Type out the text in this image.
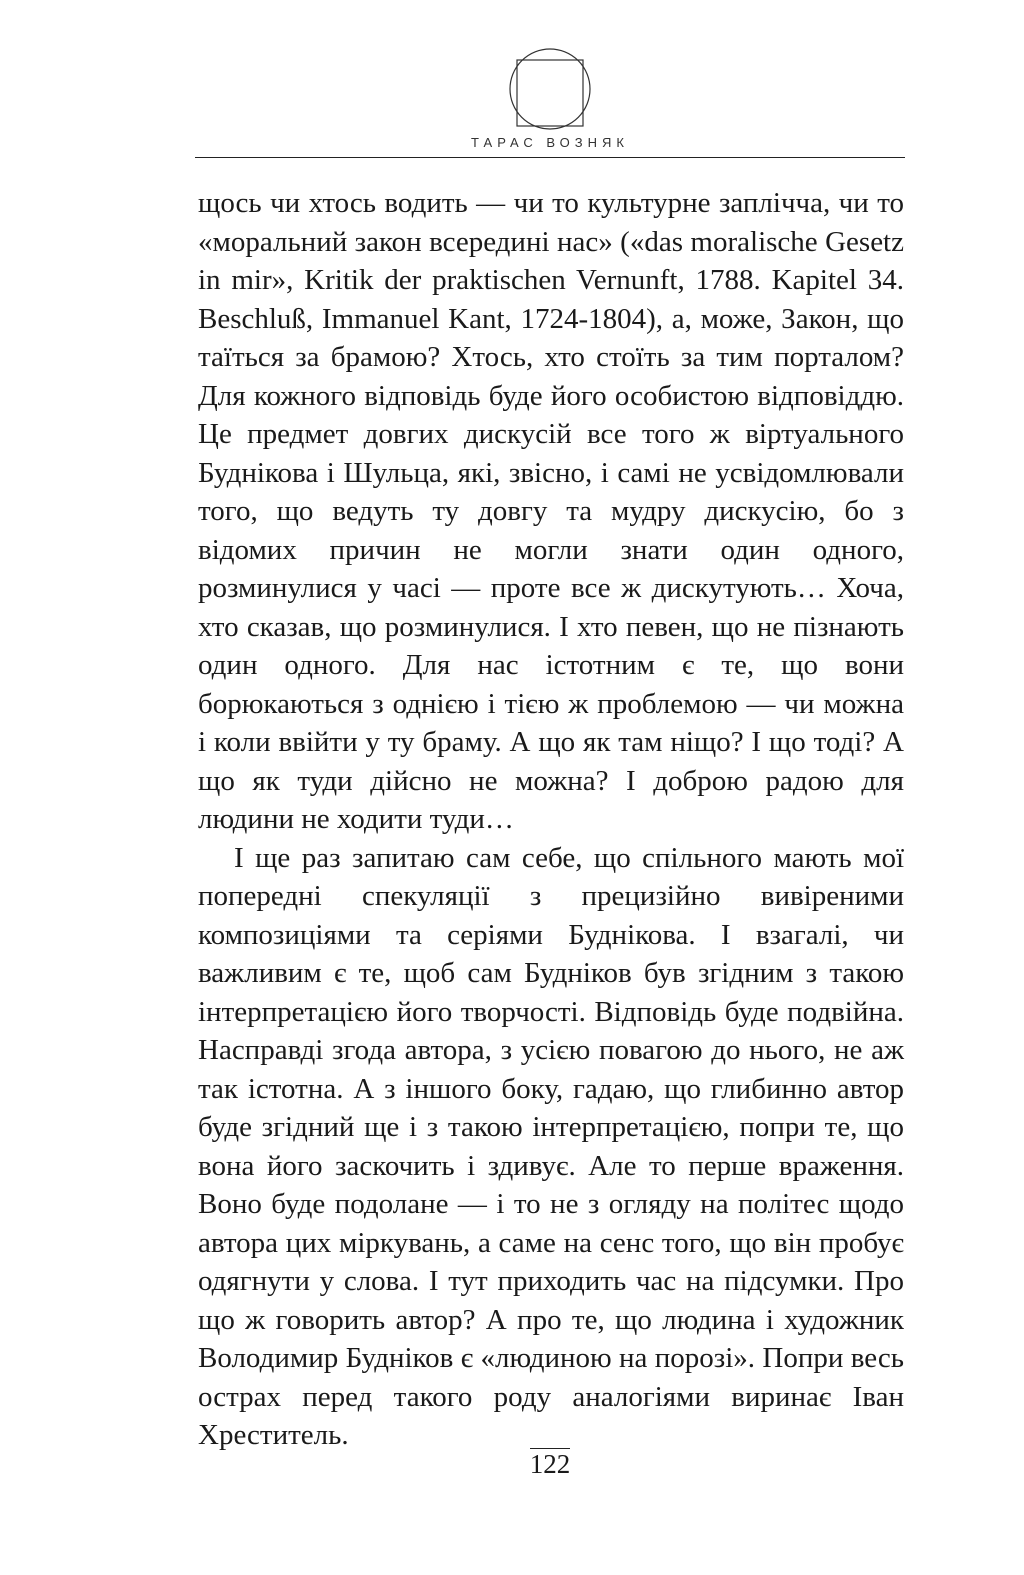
ТАРАС ВОЗНЯК

щось чи хтось водить — чи то культурне заплічча, чи то «моральний закон всередині нас» («das moralische Gesetz in mir», Kritik der praktischen Vernunft, 1788. Kapitel 34. Beschluß, Immanuel Kant, 1724-1804), а, може, Закон, що таїться за брамою? Хтось, хто стоїть за тим порталом? Для кожного відповідь буде його особистою відповіддю. Це предмет довгих дискусій все того ж віртуального Буднікова і Шульца, які, звісно, і самі не усвідомлювали того, що ведуть ту довгу та мудру дискусію, бо з відомих причин не могли знати один одного, розминулися у часі — проте все ж дискутують… Хоча, хто сказав, що розминулися. І хто певен, що не пізнають один одного. Для нас істотним є те, що вони борюкаються з однією і тією ж проблемою — чи можна і коли ввійти у ту браму. А що як там ніщо? І що тоді? А що як туди дійсно не можна? І доброю радою для людини не ходити туди…

І ще раз запитаю сам себе, що спільного мають мої попередні спекуляції з прецизійно вивіреними композиціями та серіями Буднікова. І взагалі, чи важливим є те, щоб сам Будніков був згідним з такою інтерпретацією його творчості. Відповідь буде подвійна. Насправді згода автора, з усією повагою до нього, не аж так істотна. А з іншого боку, гадаю, що глибинно автор буде згідний ще і з такою інтерпретацією, попри те, що вона його заскочить і здивує. Але то перше враження. Воно буде подолане — і то не з огляду на політес щодо автора цих міркувань, а саме на сенс того, що він пробує одягнути у слова. І тут приходить час на підсумки. Про що ж говорить автор? А про те, що людина і художник Володимир Будніков є «людиною на порозі». Попри весь острах перед такого роду аналогіями виринає Іван Хреститель.

122
